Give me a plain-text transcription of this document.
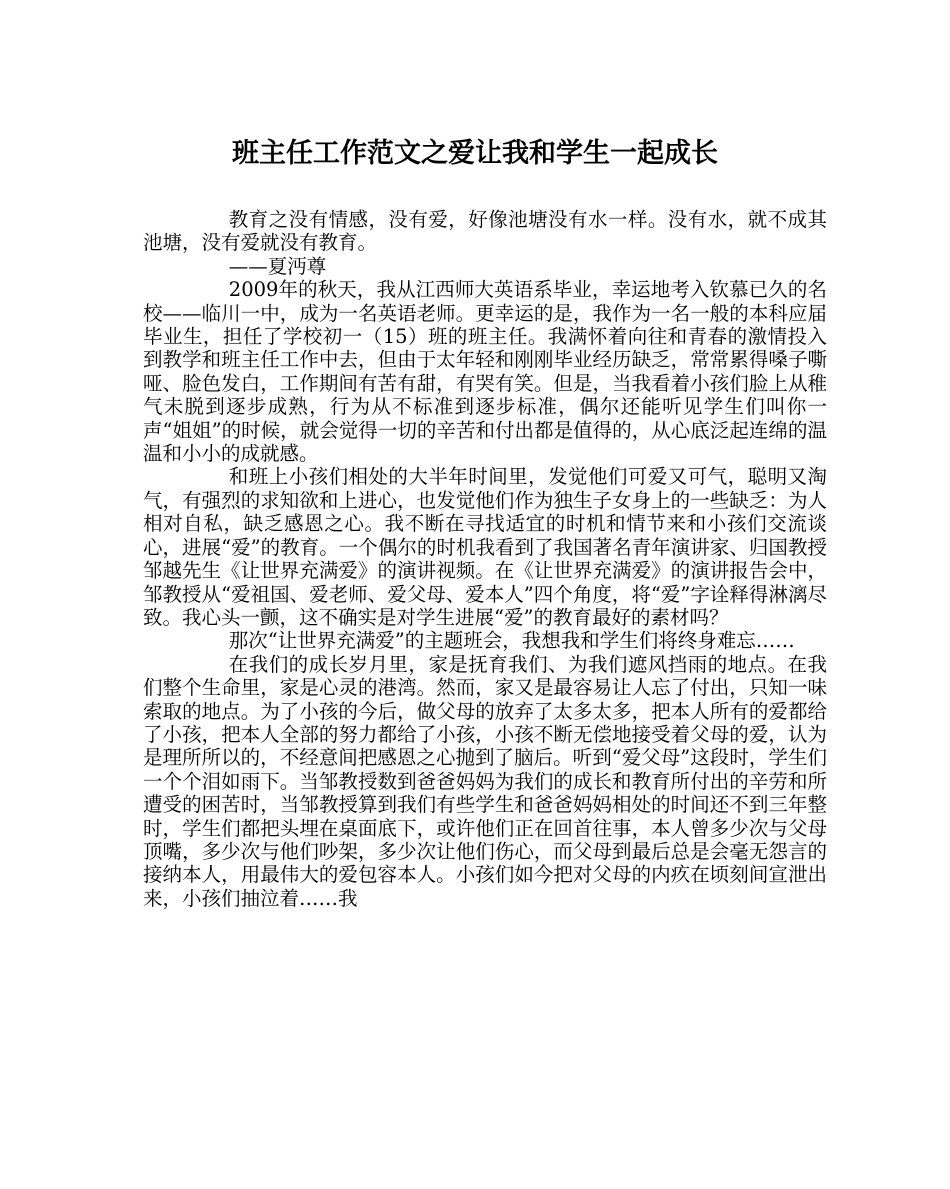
班主任工作范文之爱让我和学生一起成长

教育之没有情感，没有爱，好像池塘没有水一样。没有水，就不成其池塘，没有爱就没有教育。

——夏沔尊

2009年的秋天，我从江西师大英语系毕业，幸运地考入钦慕已久的名校——临川一中，成为一名英语老师。更幸运的是，我作为一名一般的本科应届毕业生，担任了学校初一（15）班的班主任。我满怀着向往和青春的激情投入到教学和班主任工作中去，但由于太年轻和刚刚毕业经历缺乏，常常累得嗓子嘶哑、脸色发白，工作期间有苦有甜，有哭有笑。但是，当我看着小孩们脸上从稚气未脱到逐步成熟，行为从不标准到逐步标准，偶尔还能听见学生们叫你一声“姐姐”的时候，就会觉得一切的辛苦和付出都是值得的，从心底泛起连绵的温温和小小的成就感。

和班上小孩们相处的大半年时间里，发觉他们可爱又可气，聪明又淘气，有强烈的求知欲和上进心，也发觉他们作为独生子女身上的一些缺乏：为人相对自私，缺乏感恩之心。我不断在寻找适宜的时机和情节来和小孩们交流谈心，进展“爱”的教育。一个偶尔的时机我看到了我国著名青年演讲家、归国教授邹越先生《让世界充满爱》的演讲视频。在《让世界充满爱》的演讲报告会中，邹教授从“爱祖国、爱老师、爱父母、爱本人”四个角度，将“爱”字诠释得淋漓尽致。我心头一颤，这不确实是对学生进展“爱”的教育最好的素材吗？

那次“让世界充满爱”的主题班会，我想我和学生们将终身难忘……

在我们的成长岁月里，家是抚育我们、为我们遮风挡雨的地点。在我们整个生命里，家是心灵的港湾。然而，家又是最容易让人忘了付出，只知一味索取的地点。为了小孩的今后，做父母的放弃了太多太多，把本人所有的爱都给了小孩，把本人全部的努力都给了小孩，小孩不断无偿地接受着父母的爱，认为是理所所以的，不经意间把感恩之心抛到了脑后。听到“爱父母”这段时，学生们一个个泪如雨下。当邹教授数到爸爸妈妈为我们的成长和教育所付出的辛劳和所遭受的困苦时，当邹教授算到我们有些学生和爸爸妈妈相处的时间还不到三年整时，学生们都把头埋在桌面底下，或许他们正在回首往事，本人曾多少次与父母顶嘴，多少次与他们吵架，多少次让他们伤心，而父母到最后总是会毫无怨言的接纳本人，用最伟大的爱包容本人。小孩们如今把对父母的内疚在顷刻间宣泄出来，小孩们抽泣着……我
